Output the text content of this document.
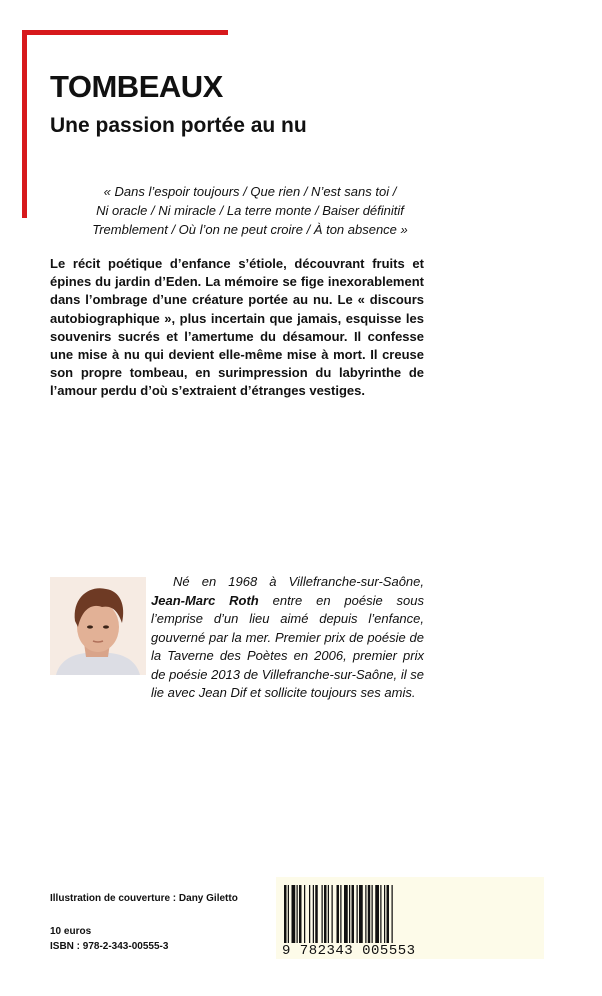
TOMBEAUX
Une passion portée au nu
« Dans l’espoir toujours / Que rien / N’est sans toi /
Ni oracle / Ni miracle / La terre monte / Baiser définitif
Tremblement / Où l’on ne peut croire / À ton absence »

Le récit poétique d’enfance s’étiole, découvrant fruits et épines du jardin d’Eden. La mémoire se fige inexorablement dans l’ombrage d’une créature portée au nu. Le « discours autobiographique », plus incertain que jamais, esquisse les souvenirs sucrés et l’amertume du désamour. Il confesse une mise à nu qui devient elle-même mise à mort. Il creuse son propre tombeau, en surimpression du labyrinthe de l’amour perdu d’où s’extraient d’étranges vestiges.

Né en 1968 à Villefranche-sur-Saône, Jean-Marc Roth entre en poésie sous l’emprise d’un lieu aimé depuis l’enfance, gouverné par la mer. Premier prix de poésie de la Taverne des Poètes en 2006, premier prix de poésie 2013 de Villefranche-sur-Saône, il se lie avec Jean Dif et sollicite toujours ses amis.

Illustration de couverture : Dany Giletto
10 euros
ISBN : 978-2-343-00555-3	9 782343 005553
